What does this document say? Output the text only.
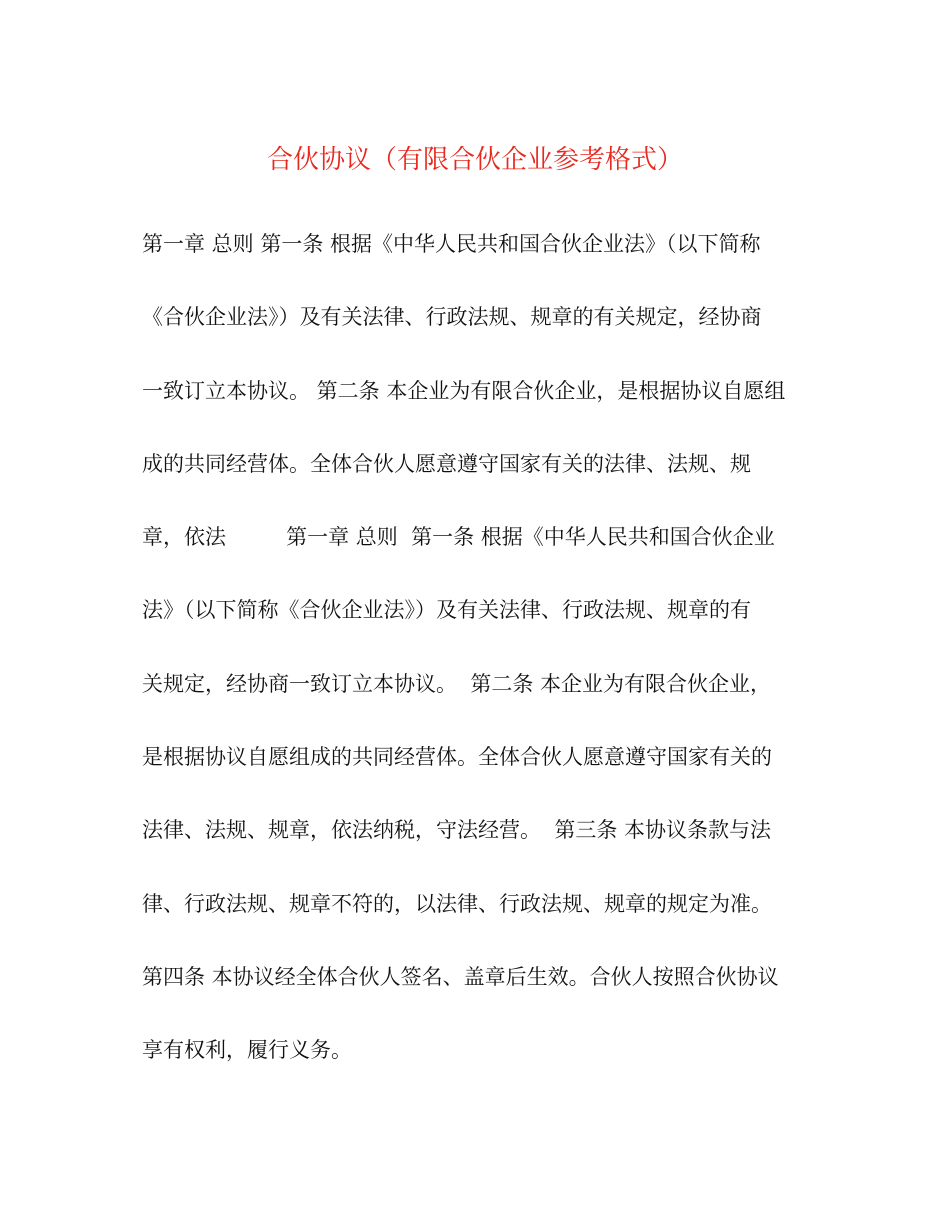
合伙协议（有限合伙企业参考格式）
第一章 总则 第一条 根据《中华人民共和国合伙企业法》（以下简称
《合伙企业法》）及有关法律、行政法规、规章的有关规定，经协商
一致订立本协议。 第二条 本企业为有限合伙企业，是根据协议自愿组
成的共同经营体。全体合伙人愿意遵守国家有关的法律、法规、规
章，依法         第一章 总则  第一条 根据《中华人民共和国合伙企业
法》（以下简称《合伙企业法》）及有关法律、行政法规、规章的有
关规定，经协商一致订立本协议。  第二条 本企业为有限合伙企业，
是根据协议自愿组成的共同经营体。全体合伙人愿意遵守国家有关的
法律、法规、规章，依法纳税，守法经营。  第三条 本协议条款与法
律、行政法规、规章不符的，以法律、行政法规、规章的规定为准。
第四条 本协议经全体合伙人签名、盖章后生效。合伙人按照合伙协议
享有权利，履行义务。
